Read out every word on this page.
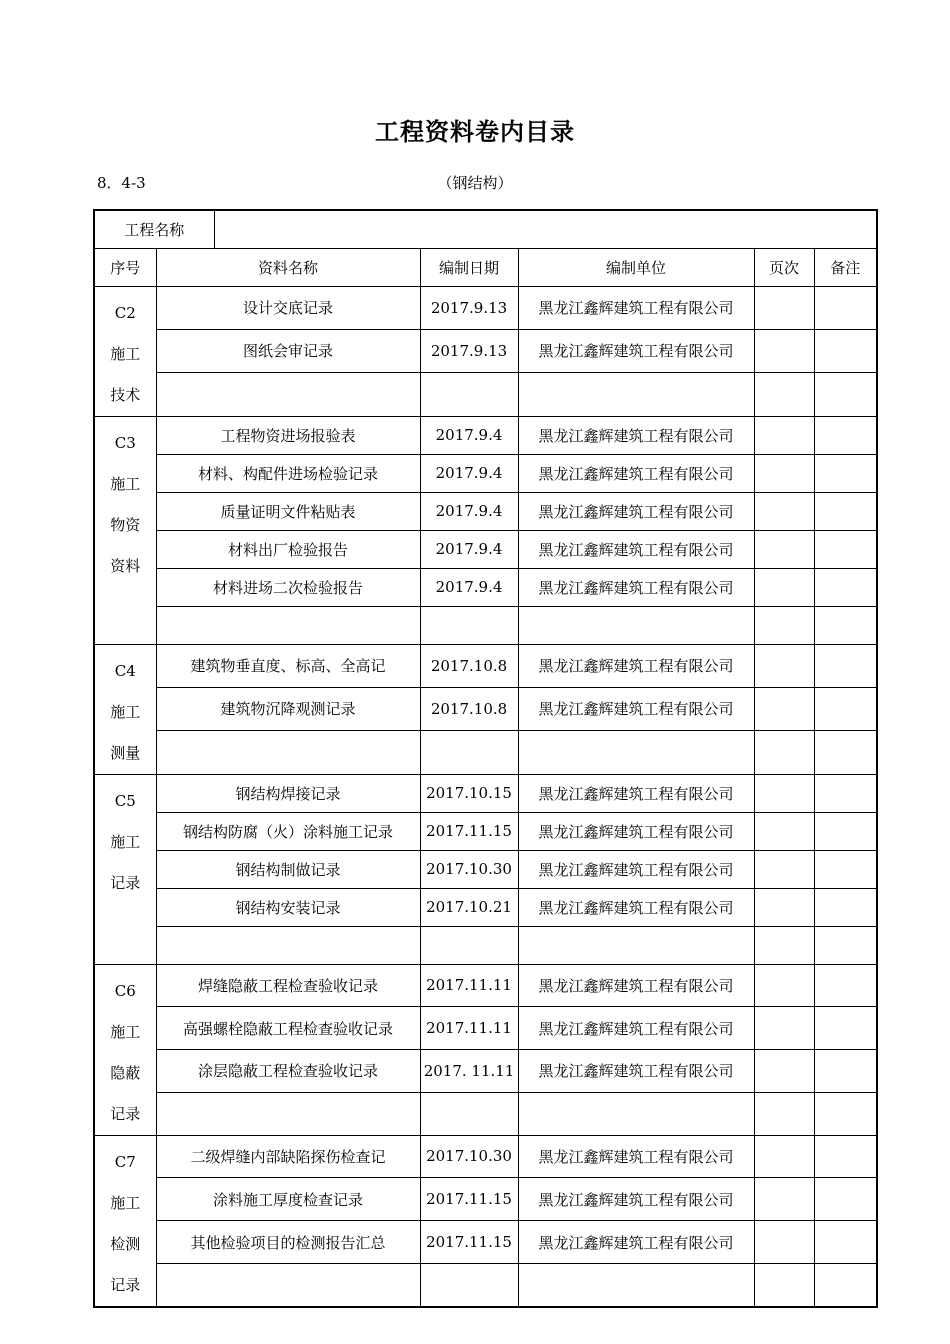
工程资料卷内目录
8．4-3	（钢结构）
工程名称						
序号	资料名称		编制日期	编制单位	页次	备注

C2
施工
技术	设计交底记录		2017.9.13	黑龙江鑫辉建筑工程有限公司		
	图纸会审记录		2017.9.13	黑龙江鑫辉建筑工程有限公司		

C3
施工
物资
资料	工程物资进场报验表		2017.9.4	黑龙江鑫辉建筑工程有限公司		
	材料、构配件进场检验记录		2017.9.4	黑龙江鑫辉建筑工程有限公司		
	质量证明文件粘贴表		2017.9.4	黑龙江鑫辉建筑工程有限公司		
	材料出厂检验报告		2017.9.4	黑龙江鑫辉建筑工程有限公司		
	材料进场二次检验报告		2017.9.4	黑龙江鑫辉建筑工程有限公司		

C4
施工
测量	建筑物垂直度、标高、全高记		2017.10.8	黑龙江鑫辉建筑工程有限公司		
	建筑物沉降观测记录		2017.10.8	黑龙江鑫辉建筑工程有限公司		

C5
施工
记录	钢结构焊接记录		2017.10.15	黑龙江鑫辉建筑工程有限公司		
	钢结构防腐（火）涂料施工记录		2017.11.15	黑龙江鑫辉建筑工程有限公司		
	钢结构制做记录		2017.10.30	黑龙江鑫辉建筑工程有限公司		
	钢结构安装记录		2017.10.21	黑龙江鑫辉建筑工程有限公司		

C6
施工
隐蔽
记录	焊缝隐蔽工程检查验收记录		2017.11.11	黑龙江鑫辉建筑工程有限公司		
	高强螺栓隐蔽工程检查验收记录		2017.11.11	黑龙江鑫辉建筑工程有限公司		
	涂层隐蔽工程检查验收记录		2017. 11.11	黑龙江鑫辉建筑工程有限公司		

C7
施工
检测
记录	二级焊缝内部缺陷探伤检查记		2017.10.30	黑龙江鑫辉建筑工程有限公司		
	涂料施工厚度检查记录		2017.11.15	黑龙江鑫辉建筑工程有限公司		
	其他检验项目的检测报告汇总		2017.11.15	黑龙江鑫辉建筑工程有限公司		
